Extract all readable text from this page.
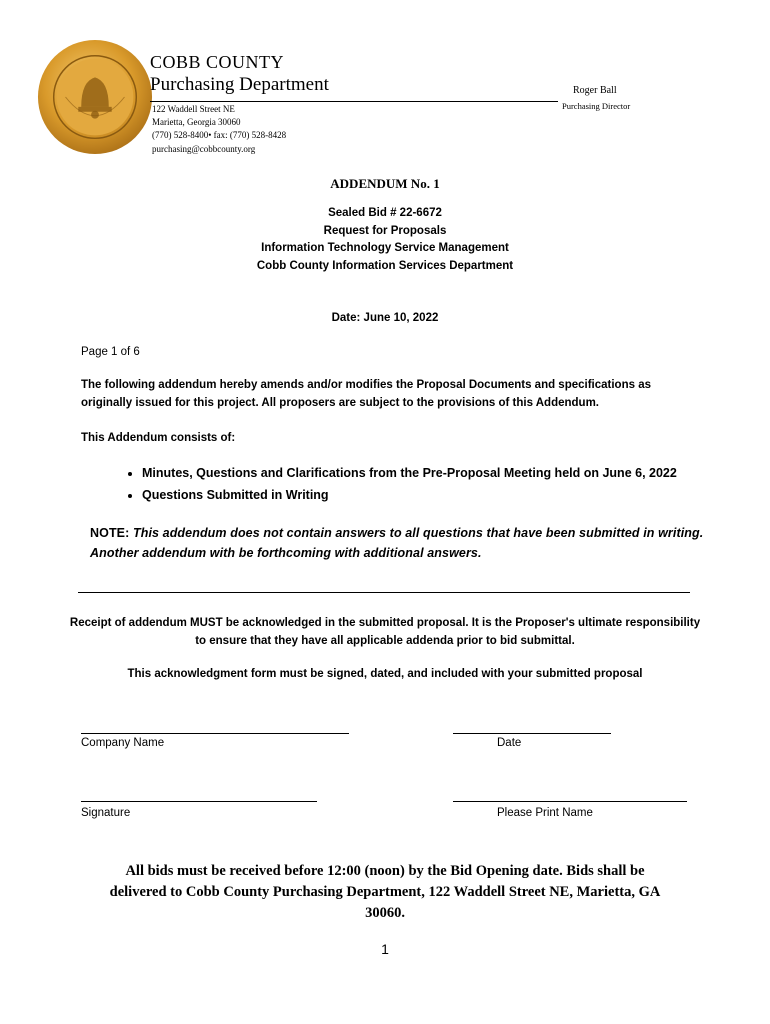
COBB COUNTY
Purchasing Department	Roger Ball
Purchasing Director
122 Waddell Street NE
Marietta, Georgia 30060
(770) 528-8400• fax: (770) 528-8428
purchasing@cobbcounty.org
ADDENDUM No. 1
Sealed Bid # 22-6672
Request for Proposals
Information Technology Service Management
Cobb County Information Services Department
Date: June 10, 2022
Page 1 of 6
The following addendum hereby amends and/or modifies the Proposal Documents and specifications as
originally issued for this project. All proposers are subject to the provisions of this Addendum.
This Addendum consists of:
• Minutes, Questions and Clarifications from the Pre-Proposal Meeting held on June 6, 2022
• Questions Submitted in Writing
NOTE: This addendum does not contain answers to all questions that have been submitted in writing.
Another addendum with be forthcoming with additional answers.
Receipt of addendum MUST be acknowledged in the submitted proposal. It is the Proposer's ultimate responsibility
to ensure that they have all applicable addenda prior to bid submittal.
This acknowledgment form must be signed, dated, and included with your submitted proposal
Company Name	Date
Signature	Please Print Name
All bids must be received before 12:00 (noon) by the Bid Opening date. Bids shall be
delivered to Cobb County Purchasing Department, 122 Waddell Street NE, Marietta, GA
30060.
1
